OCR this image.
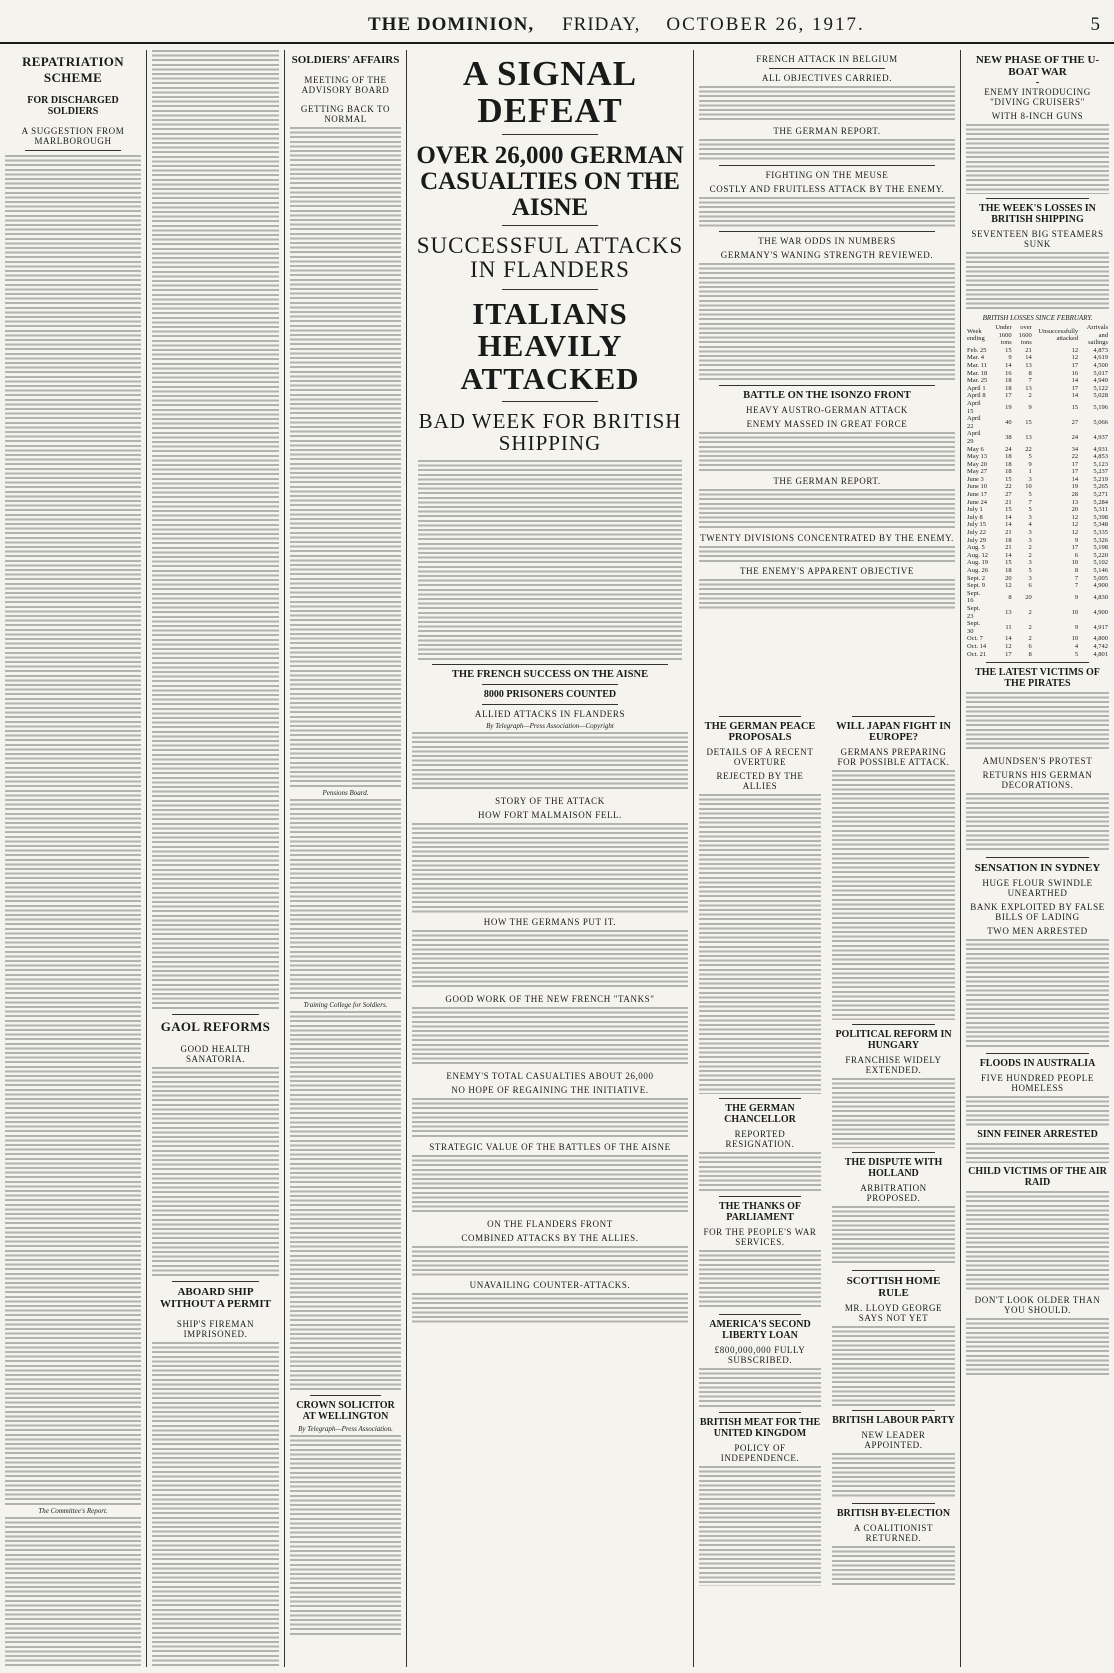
THE DOMINION, FRIDAY, OCTOBER 26, 1917.	5
REPATRIATION SCHEME
FOR DISCHARGED SOLDIERS
A SUGGESTION FROM MARLBOROUGH
The Committee's Report.
GAOL REFORMS
GOOD HEALTH SANATORIA.
ABOARD SHIP WITHOUT A PERMIT
SHIP'S FIREMAN IMPRISONED.
SOLDIERS' AFFAIRS
MEETING OF THE ADVISORY BOARD
GETTING BACK TO NORMAL
Pensions Board.
Training College for Soldiers.
CROWN SOLICITOR AT WELLINGTON
By Telegraph—Press Association.
A SIGNAL DEFEAT
OVER 26,000 GERMAN CASUALTIES ON THE AISNE
SUCCESSFUL ATTACKS IN FLANDERS
ITALIANS HEAVILY ATTACKED
BAD WEEK FOR BRITISH SHIPPING
THE FRENCH SUCCESS ON THE AISNE
8000 PRISONERS COUNTED
ALLIED ATTACKS IN FLANDERS
By Telegraph—Press Association—Copyright
STORY OF THE ATTACK
HOW FORT MALMAISON FELL.
HOW THE GERMANS PUT IT.
GOOD WORK OF THE NEW FRENCH "TANKS"
ENEMY'S TOTAL CASUALTIES ABOUT 26,000
NO HOPE OF REGAINING THE INITIATIVE.
STRATEGIC VALUE OF THE BATTLES OF THE AISNE
ON THE FLANDERS FRONT
COMBINED ATTACKS BY THE ALLIES.
UNAVAILING COUNTER-ATTACKS.
FRENCH ATTACK IN BELGIUM
ALL OBJECTIVES CARRIED.
THE GERMAN REPORT.
FIGHTING ON THE MEUSE
COSTLY AND FRUITLESS ATTACK BY THE ENEMY.
THE WAR ODDS IN NUMBERS
GERMANY'S WANING STRENGTH REVIEWED.
BATTLE ON THE ISONZO FRONT
HEAVY AUSTRO-GERMAN ATTACK
ENEMY MASSED IN GREAT FORCE
THE GERMAN REPORT.
TWENTY DIVISIONS CONCENTRATED BY THE ENEMY.
THE ENEMY'S APPARENT OBJECTIVE
THE GERMAN PEACE PROPOSALS
DETAILS OF A RECENT OVERTURE
REJECTED BY THE ALLIES
THE GERMAN CHANCELLOR
REPORTED RESIGNATION.
THE THANKS OF PARLIAMENT
FOR THE PEOPLE'S WAR SERVICES.
AMERICA'S SECOND LIBERTY LOAN
£800,000,000 FULLY SUBSCRIBED.
BRITISH MEAT FOR THE UNITED KINGDOM
POLICY OF INDEPENDENCE.
WILL JAPAN FIGHT IN EUROPE?
GERMANS PREPARING FOR POSSIBLE ATTACK.
POLITICAL REFORM IN HUNGARY
FRANCHISE WIDELY EXTENDED.
THE DISPUTE WITH HOLLAND
ARBITRATION PROPOSED.
SCOTTISH HOME RULE
MR. LLOYD GEORGE SAYS NOT YET
BRITISH LABOUR PARTY
NEW LEADER APPOINTED.
BRITISH BY-ELECTION
A COALITIONIST RETURNED.
NEW PHASE OF THE U-BOAT WAR
ENEMY INTRODUCING "DIVING CRUISERS"
WITH 8-INCH GUNS
THE WEEK'S LOSSES IN BRITISH SHIPPING
SEVENTEEN BIG STEAMERS SUNK
BRITISH LOSSES SINCE FEBRUARY.
Week ending	Under 1600 tons	over 1600 tons	Unsuccessfully attacked	Arrivals and sailings
Feb. 25	15	21	12	4,873
Mar. 4	9	14	12	4,619
Mar. 11	14	13	17	4,500
Mar. 18	16	8	16	5,017
Mar. 25	18	7	14	4,949
April 1	18	13	17	5,122
April 8	17	2	14	5,028
April 15	19	9	15	5,196
April 22	40	15	27	5,066
April 29	38	13	24	4,937
May 6	24	22	34	4,931
May 13	18	5	22	4,853
May 20	18	9	17	5,123
May 27	18	1	17	5,237
June 3	15	3	14	5,219
June 10	22	10	19	5,265
June 17	27	5	28	5,271
June 24	21	7	13	5,284
July 1	15	5	20	5,311
July 8	14	3	12	5,398
July 15	14	4	12	5,348
July 22	21	3	12	5,335
July 29	18	3	9	5,326
Aug. 5	21	2	17	5,198
Aug. 12	14	2	6	5,220
Aug. 19	15	3	10	5,102
Aug. 26	18	5	8	5,146
Sept. 2	20	3	7	5,005
Sept. 9	12	6	7	4,900
Sept. 16	8	20	9	4,830
Sept. 23	13	2	10	4,900
Sept. 30	11	2	9	4,917
Oct. 7	14	2	10	4,800
Oct. 14	12	6	4	4,742
Oct. 21	17	8	5	4,801
THE LATEST VICTIMS OF THE PIRATES
AMUNDSEN'S PROTEST
RETURNS HIS GERMAN DECORATIONS.
SENSATION IN SYDNEY
HUGE FLOUR SWINDLE UNEARTHED
BANK EXPLOITED BY FALSE BILLS OF LADING
TWO MEN ARRESTED
FLOODS IN AUSTRALIA
FIVE HUNDRED PEOPLE HOMELESS
SINN FEINER ARRESTED
CHILD VICTIMS OF THE AIR RAID
DON'T LOOK OLDER THAN YOU SHOULD.
